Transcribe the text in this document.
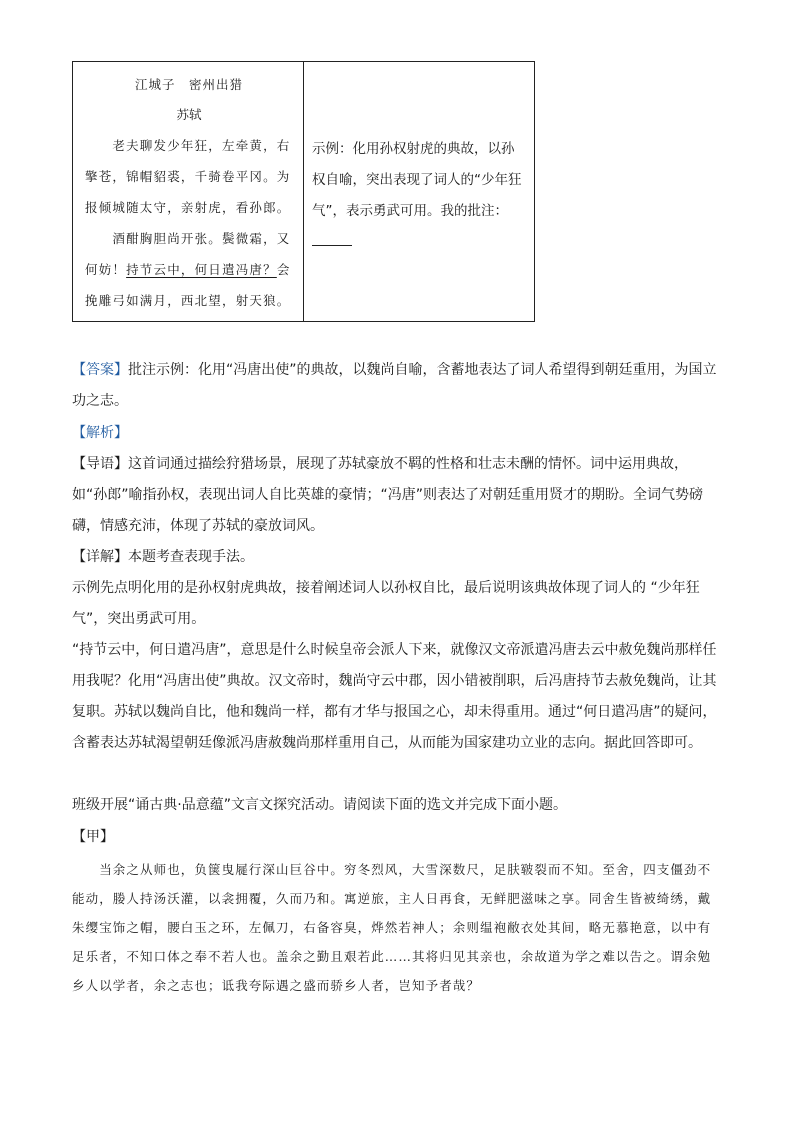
江城子　密州出猎
苏轼
　　老夫聊发少年狂，左牵黄，右
擎苍，锦帽貂裘，千骑卷平冈。为
报倾城随太守，亲射虎，看孙郎。
　　酒酣胸胆尚开张。鬓微霜，又
何妨！持节云中，何日遣冯唐？会
挽雕弓如满月，西北望，射天狼。
示例：化用孙权射虎的典故，以孙权自喻，突出表现了词人的“少年狂气”，表示勇武可用。我的批注：
【答案】批注示例：化用“冯唐出使”的典故，以魏尚自喻，含蓄地表达了词人希望得到朝廷重用，为国立功之志。
【解析】
【导语】这首词通过描绘狩猎场景，展现了苏轼豪放不羁的性格和壮志未酬的情怀。词中运用典故，如“孙郎”喻指孙权，表现出词人自比英雄的豪情；“冯唐”则表达了对朝廷重用贤才的期盼。全词气势磅礴，情感充沛，体现了苏轼的豪放词风。
【详解】本题考查表现手法。
示例先点明化用的是孙权射虎典故，接着阐述词人以孙权自比，最后说明该典故体现了词人的 “少年狂气”，突出勇武可用。
“持节云中，何日遣冯唐”，意思是什么时候皇帝会派人下来，就像汉文帝派遣冯唐去云中赦免魏尚那样任用我呢？化用“冯唐出使”典故。汉文帝时，魏尚守云中郡，因小错被削职，后冯唐持节去赦免魏尚，让其复职。苏轼以魏尚自比，他和魏尚一样，都有才华与报国之心，却未得重用。通过“何日遣冯唐”的疑问，含蓄表达苏轼渴望朝廷像派冯唐赦魏尚那样重用自己，从而能为国家建功立业的志向。据此回答即可。
班级开展“诵古典·品意蕴”文言文探究活动。请阅读下面的选文并完成下面小题。
【甲】
　　当余之从师也，负箧曳屣行深山巨谷中。穷冬烈风，大雪深数尺，足肤皲裂而不知。至舍，四支僵劲不能动，媵人持汤沃灌，以衾拥覆，久而乃和。寓逆旅，主人日再食，无鲜肥滋味之享。同舍生皆被绮绣，戴朱缨宝饰之帽，腰白玉之环，左佩刀，右备容臭，烨然若神人；余则缊袍敝衣处其间，略无慕艳意，以中有足乐者，不知口体之奉不若人也。盖余之勤且艰若此……其将归见其亲也，余故道为学之难以告之。谓余勉乡人以学者，余之志也；诋我夸际遇之盛而骄乡人者，岂知予者哉？
